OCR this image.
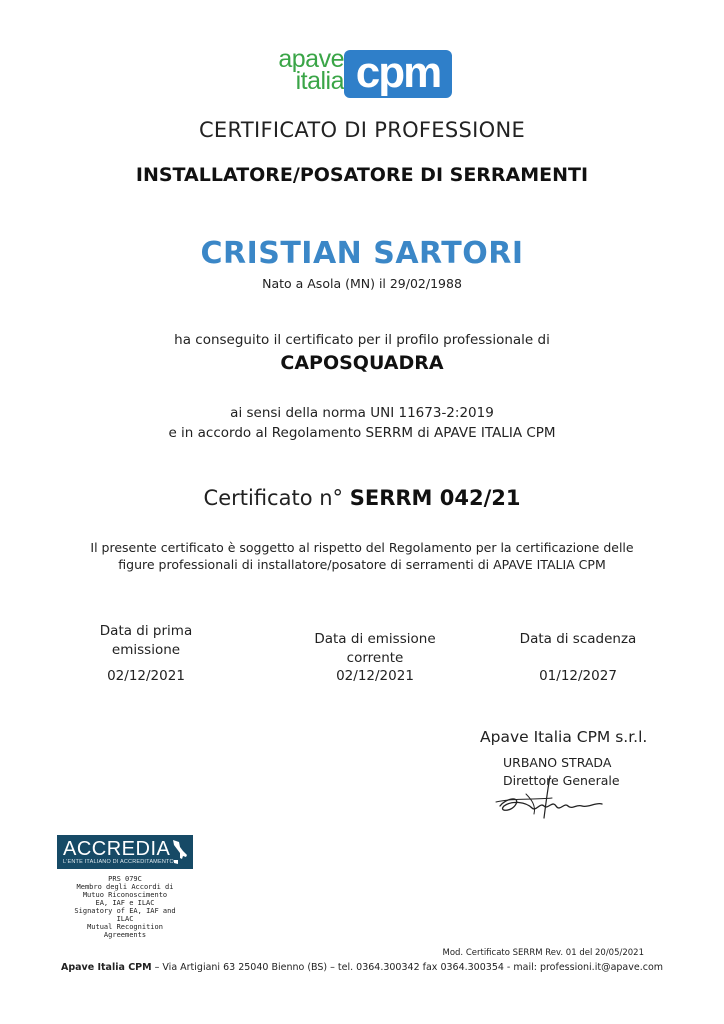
apave
italia cpm
CERTIFICATO DI PROFESSIONE
INSTALLATORE/POSATORE DI SERRAMENTI
CRISTIAN SARTORI
Nato a Asola (MN) il 29/02/1988
ha conseguito il certificato per il profilo professionale di
CAPOSQUADRA
ai sensi della norma UNI 11673-2:2019
e in accordo al Regolamento SERRM di APAVE ITALIA CPM
Certificato n° SERRM 042/21
Il presente certificato è soggetto al rispetto del Regolamento per la certificazione delle
figure professionali di installatore/posatore di serramenti di APAVE ITALIA CPM
Data di prima
emissione
02/12/2021
Data di emissione
corrente
02/12/2021
Data di scadenza
01/12/2027
Apave Italia CPM s.r.l.
URBANO STRADA
Direttore Generale
ACCREDIA
L'ENTE ITALIANO DI ACCREDITAMENTO
PRS 079C
Membro degli Accordi di
Mutuo Riconoscimento
EA, IAF e ILAC
Signatory of EA, IAF and
ILAC
Mutual Recognition
Agreements
Mod. Certificato SERRM Rev. 01 del 20/05/2021
Apave Italia CPM – Via Artigiani 63 25040 Bienno (BS) – tel. 0364.300342 fax 0364.300354 - mail: professioni.it@apave.com
